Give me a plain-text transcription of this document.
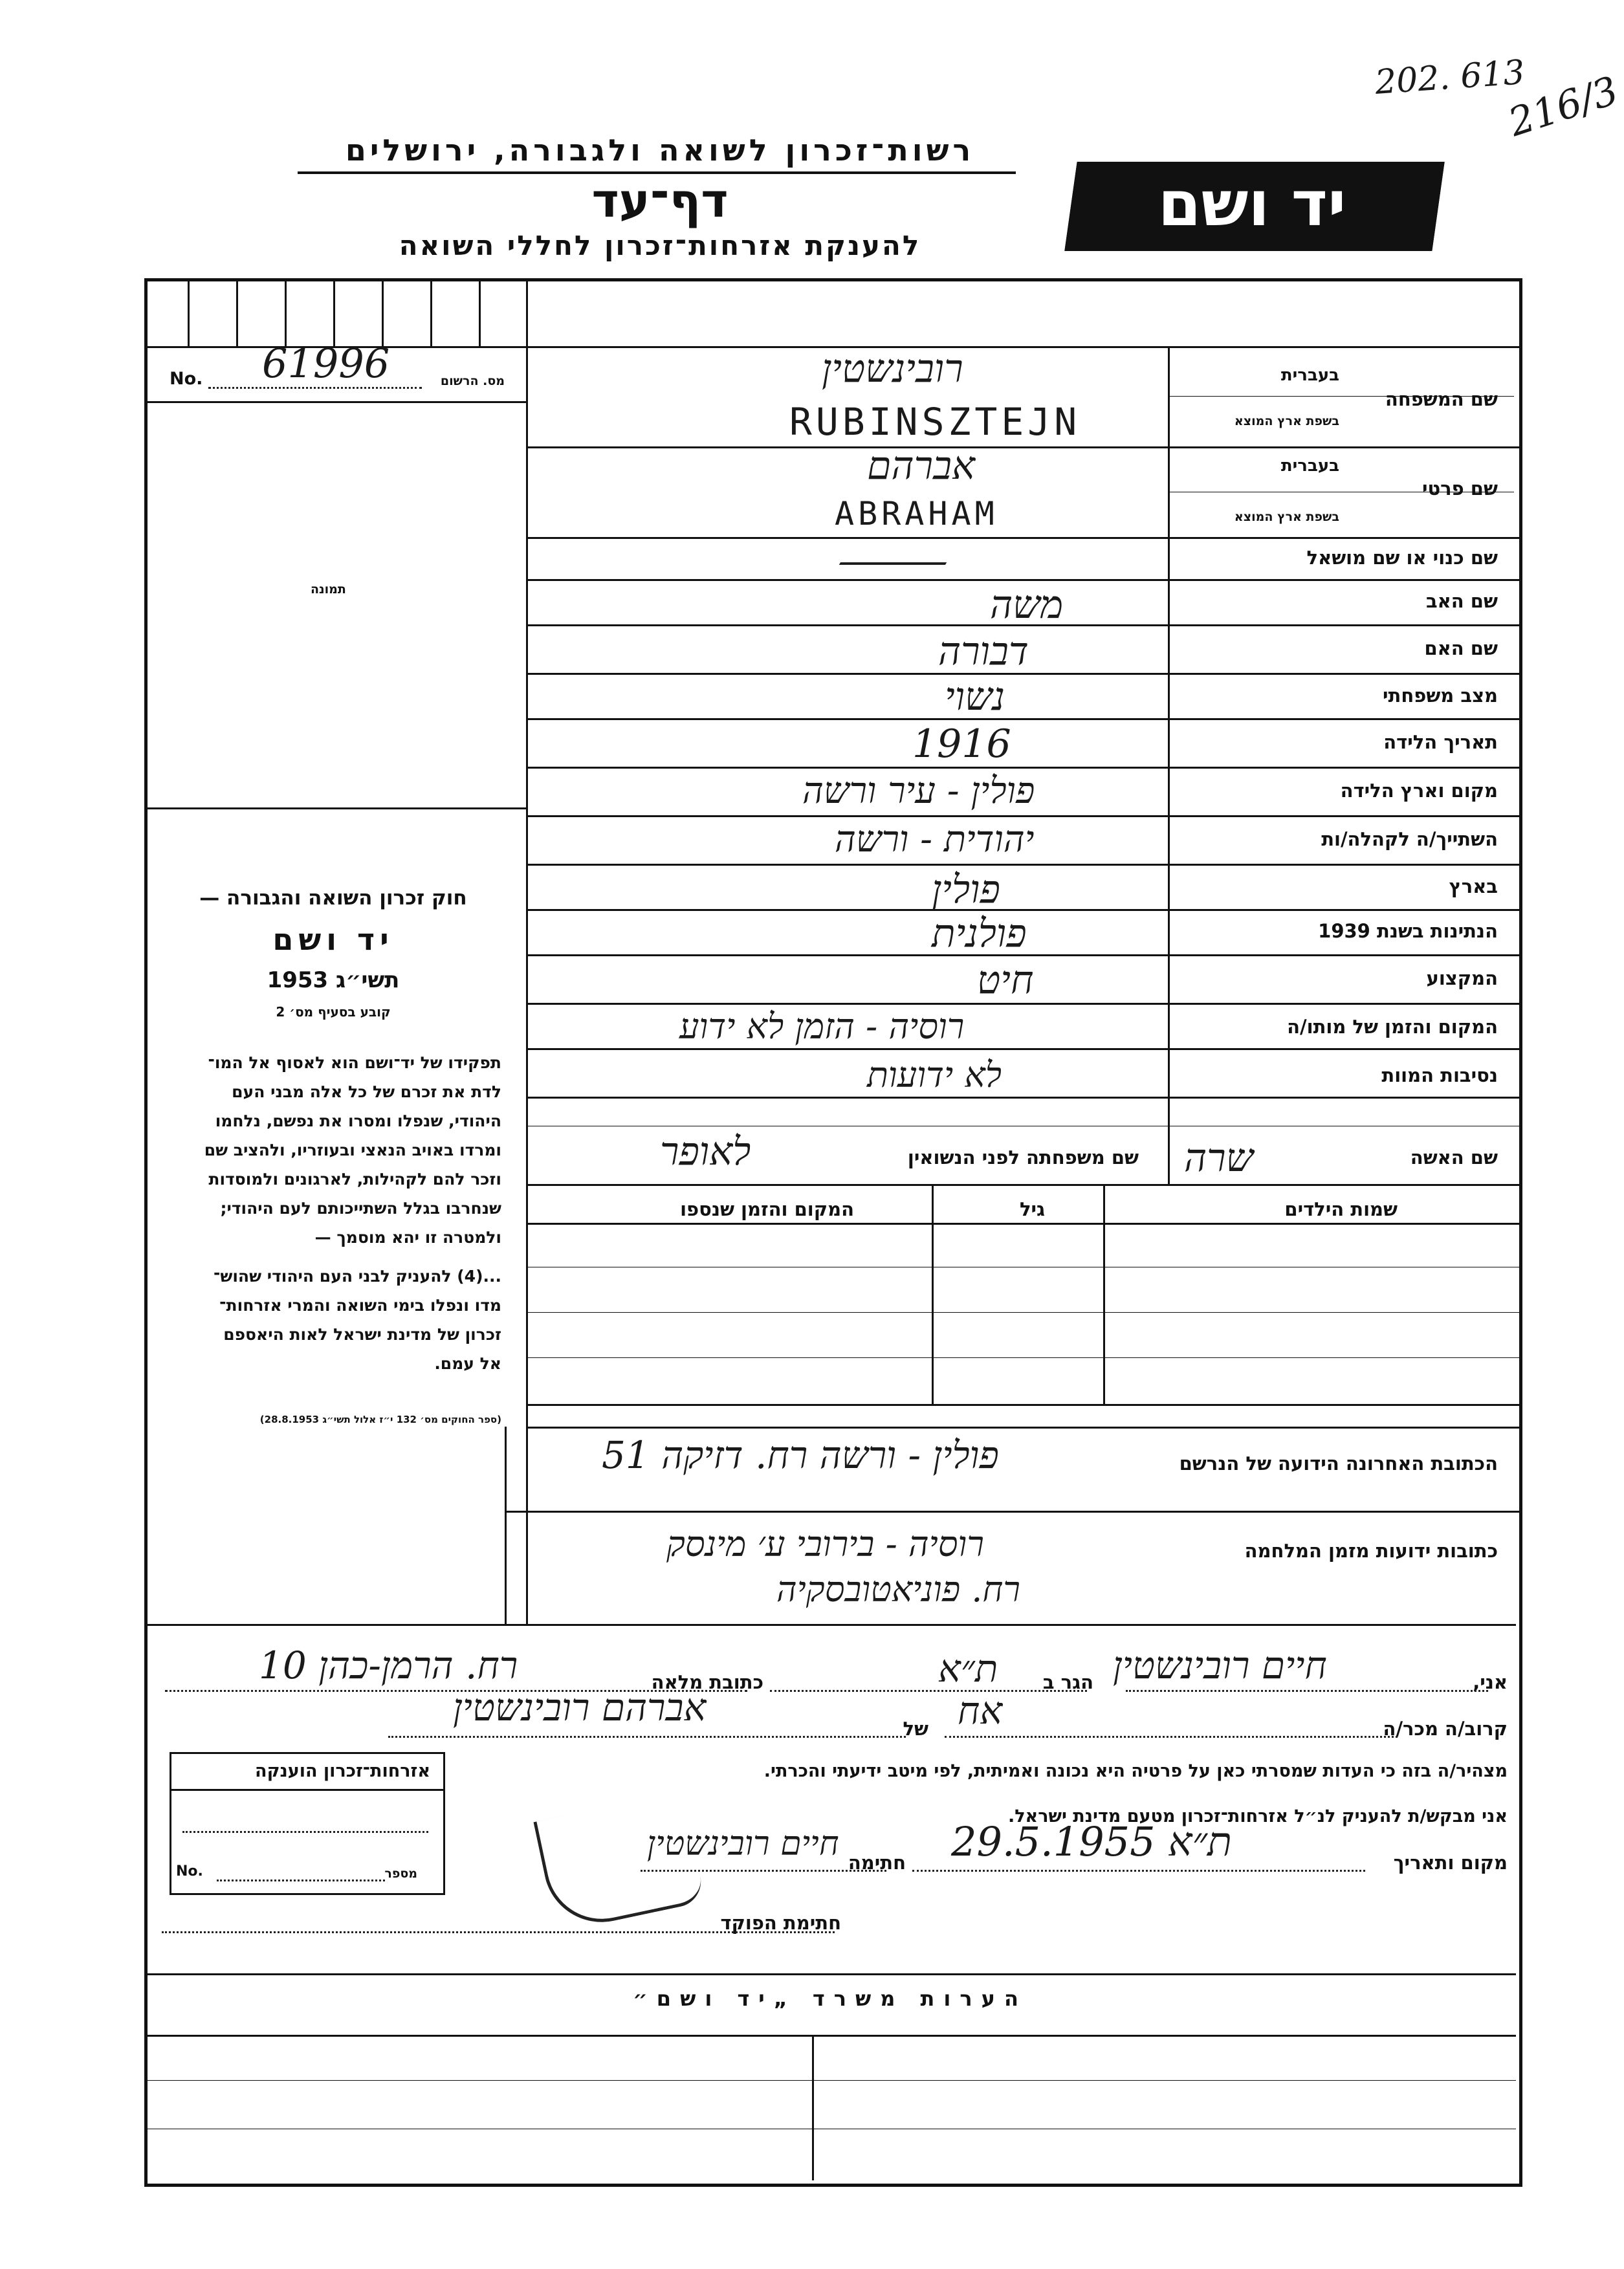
202. 613
216/3
רשות־זכרון לשואה ולגבורה, ירושלים
דף־עד
להענקת אזרחות־זכרון לחללי השואה
יד ושם
No. 61996	מס. הרשום
תמונה
חוק זכרון השואה והגבורה —
יד ושם
תשי״ג 1953
קובע בסעיף מס׳ 2
תפקידו של יד־ושם הוא לאסוף אל המו־
לדת את זכרם של כל אלה מבני העם
היהודי, שנפלו ומסרו את נפשם, נלחמו
ומרדו באויב הנאצי ובעוזריו, ולהציב שם
וזכר להם לקהילות, לארגונים ולמוסדות
שנחרבו בגלל השתייכותם לעם היהודי;
ולמטרה זו יהא מוסמך —
...(4) להעניק לבני העם היהודי שהוש־
מדו ונפלו בימי השואה והמרי אזרחות־
זכרון של מדינת ישראל לאות היאספם
אל עמם.
(ספר החוקים מס׳ 132 י״ז אלול תשי״ג 28.8.1953)
שם המשפחה
בעברית
בשפת ארץ המוצא
רובינשטין
RUBINSZTEJN
שם פרטי
בעברית
בשפת ארץ המוצא
אברהם
ABRAHAM
שם כנוי או שם מושאל
—
שם האב
משה
שם האם
דבורה
מצב משפחתי
נשוי
תאריך הלידה
1916
מקום וארץ הלידה
פולין - עיר ורשה
השתייך/ה לקהלה/ות
יהודית - ורשה
בארץ
פולין
הנתינות בשנת 1939
פולנית
המקצוע
חיט
המקום והזמן של מותו/ה
רוסיה - הזמן לא ידוע
נסיבות המוות
לא ידועות
שם האשה
שרה
שם משפחתה לפני הנשואין
לאופר
שמות הילדים
גיל
המקום והזמן שנספו
הכתובת האחרונה הידועה של הנרשם
פולין - ורשה רח. דזיקה 51
כתובות ידועות מזמן המלחמה
רוסיה - בירובי ע׳ מינסק
רח. פוניאטובסקיה
אני,
חיים רובינשטין
הגר ב
ת״א
כתובת מלאה
רח. הרמן-כהן 10
קרוב/ה מכר/ה
אח
של
אברהם רובינשטין
מצהיר/ה בזה כי העדות שמסרתי כאן על פרטיה היא נכונה ואמיתית, לפי מיטב ידיעתי והכרתי.
אני מבקש/ת להעניק לנ״ל אזרחות־זכרון מטעם מדינת ישראל.
מקום ותאריך
ת״א 29.5.1955
חתימה
חיים רובינשטין
חתימת הפוקד
אזרחות־זכרון הוענקה
No.	מספר
הערות משרד „יד ושם״
